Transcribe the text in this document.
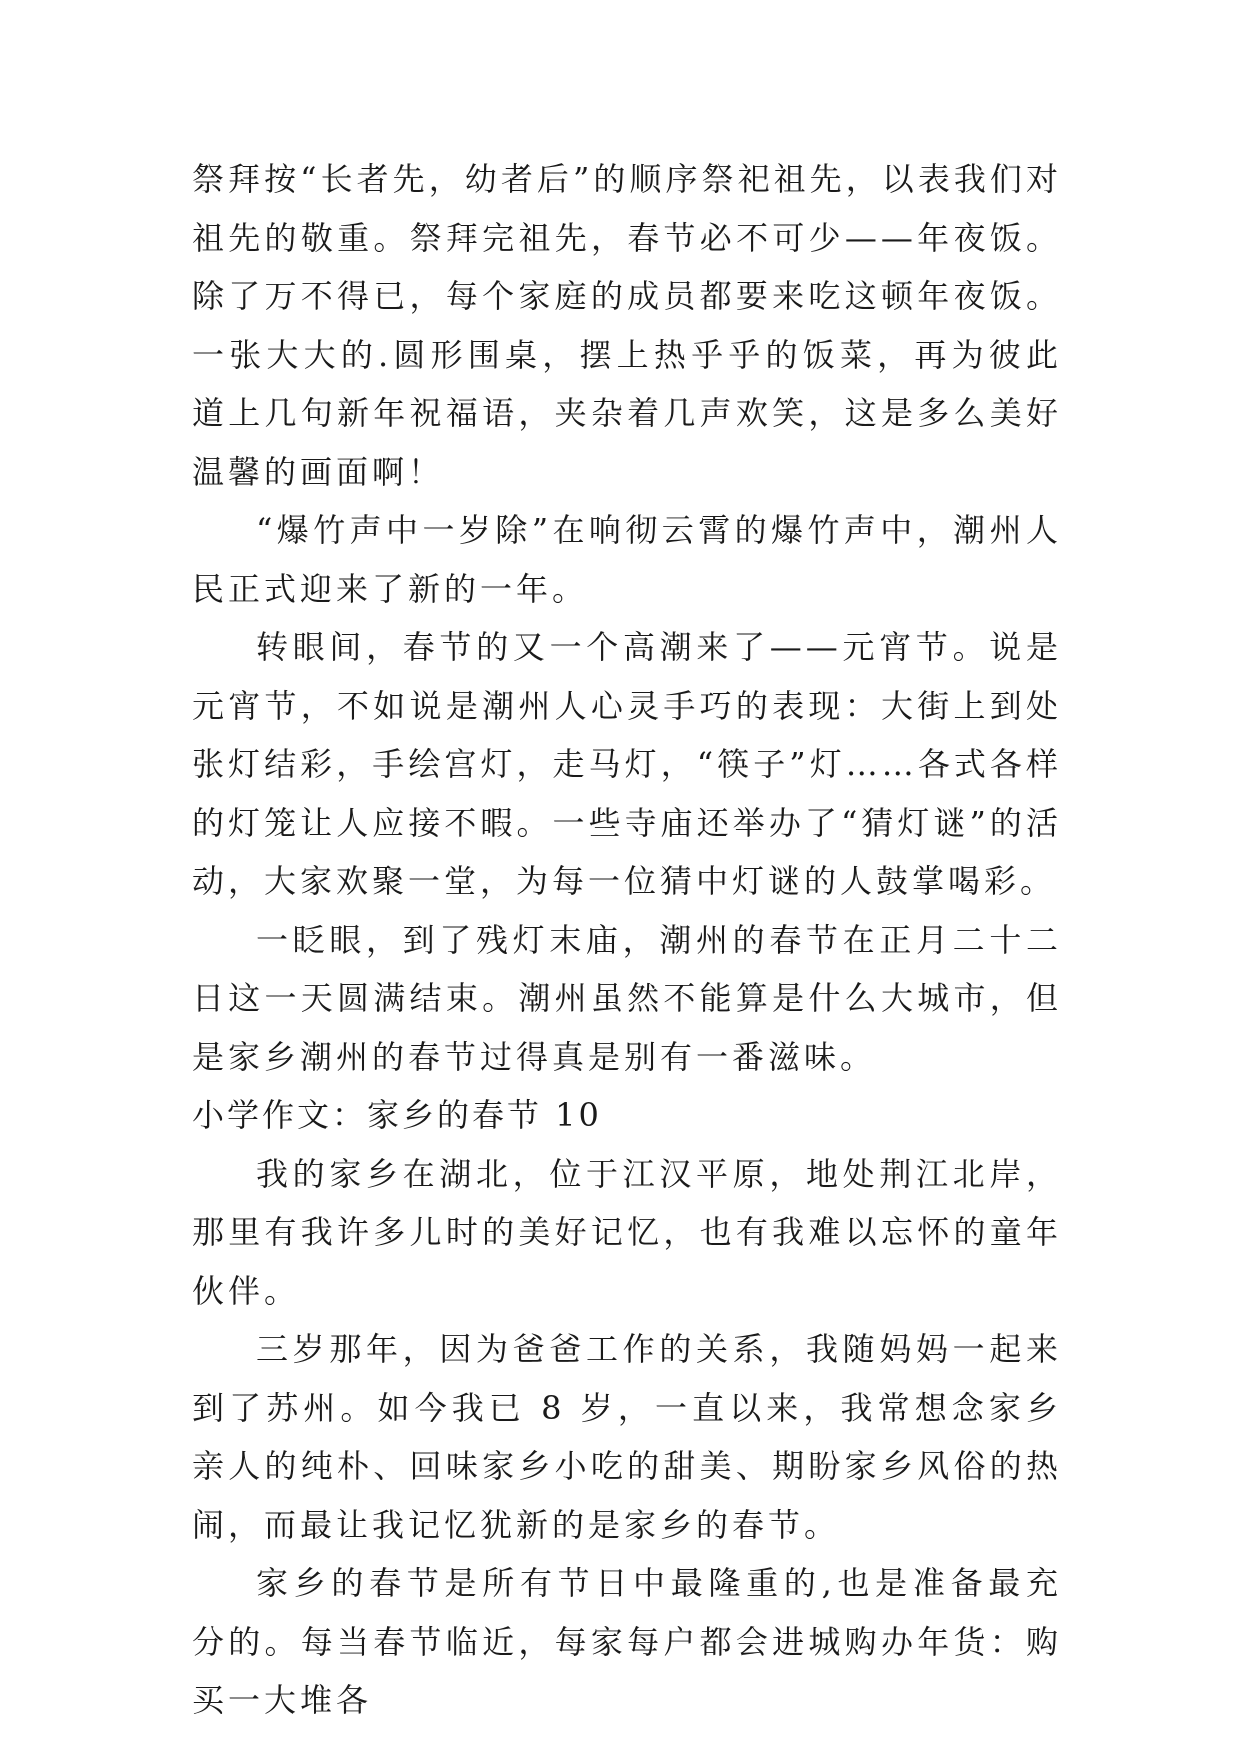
祭拜按“长者先，幼者后”的顺序祭祀祖先，以表我们对祖先的敬重。祭拜完祖先，春节必不可少——年夜饭。除了万不得已，每个家庭的成员都要来吃这顿年夜饭。一张大大的.圆形围桌，摆上热乎乎的饭菜，再为彼此道上几句新年祝福语，夹杂着几声欢笑，这是多么美好温馨的画面啊！

“爆竹声中一岁除”在响彻云霄的爆竹声中，潮州人民正式迎来了新的一年。

转眼间，春节的又一个高潮来了——元宵节。说是元宵节，不如说是潮州人心灵手巧的表现：大街上到处张灯结彩，手绘宫灯，走马灯，“筷子”灯……各式各样的灯笼让人应接不暇。一些寺庙还举办了“猜灯谜”的活动，大家欢聚一堂，为每一位猜中灯谜的人鼓掌喝彩。

一眨眼，到了残灯末庙，潮州的春节在正月二十二日这一天圆满结束。潮州虽然不能算是什么大城市，但是家乡潮州的春节过得真是别有一番滋味。

小学作文：家乡的春节 10

我的家乡在湖北，位于江汉平原，地处荆江北岸，那里有我许多儿时的美好记忆，也有我难以忘怀的童年伙伴。

三岁那年，因为爸爸工作的关系，我随妈妈一起来到了苏州。如今我已 8 岁，一直以来，我常想念家乡亲人的纯朴、回味家乡小吃的甜美、期盼家乡风俗的热闹，而最让我记忆犹新的是家乡的春节。

家乡的春节是所有节日中最隆重的,也是准备最充分的。每当春节临近，每家每户都会进城购办年货：购买一大堆各
